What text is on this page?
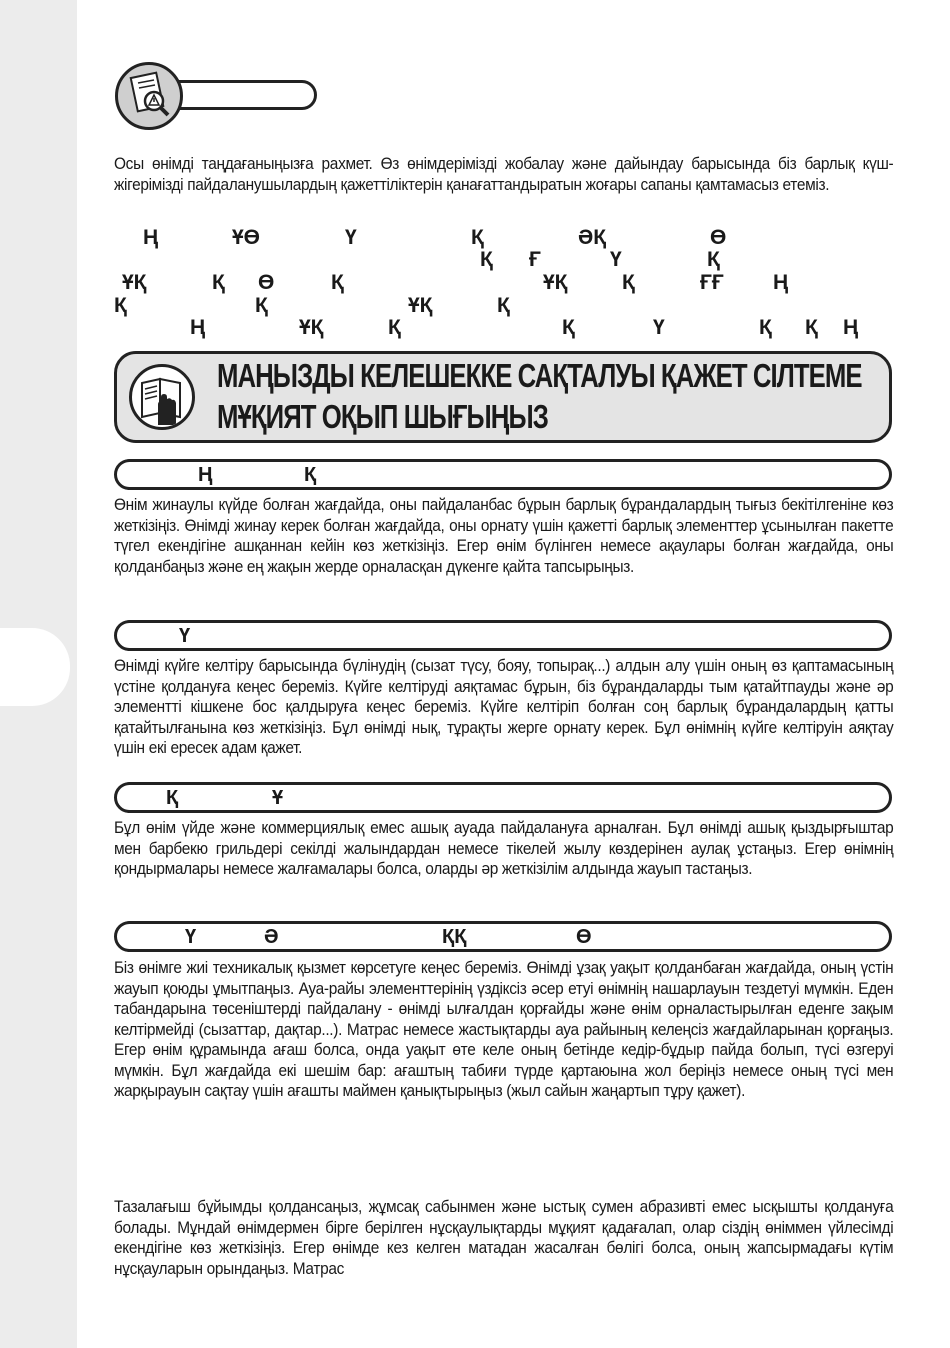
Осы өнімді таңдағаныңызға рахмет. Өз өнімдерімізді жобалау және дайындау барысында біз барлық күш-жігерімізді пайдаланушылардың қажеттіліктерін қанағаттандыратын жоғары сапаны қамтамасыз етеміз.

Ң	ҰӨ	Ү	Қ	ӘҚ	Ө
Қ Ғ	Ү	Қ
ҰҚ	Қ Ө	Қ	ҰҚ	Қ	ҒҒ Ң
Қ	Қ	ҰҚ	Қ
Ң	ҰҚ	Қ	Қ	Ү	Қ Қ Ң
МАҢЫЗДЫ КЕЛЕШЕККЕ САҚТАЛУЫ ҚАЖЕТ СІЛТЕМЕ
МҰҚИЯТ ОҚЫП ШЫҒЫҢЫЗ
Ң	Қ

Өнім жинаулы күйде болған жағдайда, оны пайдаланбас бұрын барлық бұрандалардың тығыз бекітілгеніне көз жеткізіңіз. Өнімді жинау керек болған жағдайда, оны орнату үшін қажетті барлық элементтер ұсынылған пакетте түгел екендігіне ашқаннан кейін көз жеткізіңіз. Егер өнім бүлінген немесе ақаулары болған жағдайда, оны қолданбаңыз және ең жақын жерде орналасқан дүкенге қайта тапсырыңыз.

Ү

Өнімді күйге келтіру барысында бүлінудің (сызат түсу, бояу, топырақ...) алдын алу үшін оның өз қаптамасының үстіне қолдануға кеңес береміз. Күйге келтіруді аяқтамас бұрын, біз бұрандаларды тым қатайтпауды және әр элементті кішкене бос қалдыруға кеңес береміз. Күйге келтіріп болған соң барлық бұрандалардың қатты қатайтылғанына көз жеткізіңіз. Бұл өнімді нық, тұрақты жерге орнату керек. Бұл өнімнің күйге келтіруін аяқтау үшін екі ересек адам қажет.

Қ	Ұ

Бұл өнім үйде және коммерциялық емес ашық ауада пайдалануға арналған. Бұл өнімді ашық қыздырғыштар мен барбекю грильдері секілді жалындардан немесе тікелей жылу көздерінен аулақ ұстаңыз. Егер өнімнің қондырмалары немесе жалғамалары болса, оларды әр жеткізілім алдында жауып тастаңыз.

Ү	Ә	ҚҚ	Ө

Біз өнімге жиі техникалық қызмет көрсетуге кеңес береміз. Өнімді ұзақ уақыт қолданбаған жағдайда, оның үстін жауып қоюды ұмытпаңыз. Ауа-райы элементтерінің үздіксіз әсер етуі өнімнің нашарлауын тездетуі мүмкін. Еден табандарына төсеніштерді пайдалану - өнімді ылғалдан қорғайды және өнім орналастырылған еденге зақым келтірмейді (сызаттар, дақтар...). Матрас немесе жастықтарды ауа райының келеңсіз жағдайларынан қорғаңыз. Егер өнім құрамында ағаш болса, онда уақыт өте келе оның бетінде кедір-бұдыр пайда болып, түсі өзгеруі мүмкін. Бұл жағдайда екі шешім бар: ағаштың табиғи түрде қартаюына жол беріңіз немесе оның түсі мен жарқырауын сақтау үшін ағашты маймен қанықтырыңыз (жыл сайын жаңартып тұру қажет).

Тазалағыш бұйымды қолдансаңыз, жұмсақ сабынмен және ыстық сумен абразивті емес ысқышты қолдануға болады. Мұндай өнімдермен бірге берілген нұсқаулықтарды мұқият қадағалап, олар сіздің өніммен үйлесімді екендігіне көз жеткізіңіз. Егер өнімде кез келген матадан жасалған бөлігі болса, оның жапсырмадағы күтім нұсқауларын орындаңыз. Матрас
